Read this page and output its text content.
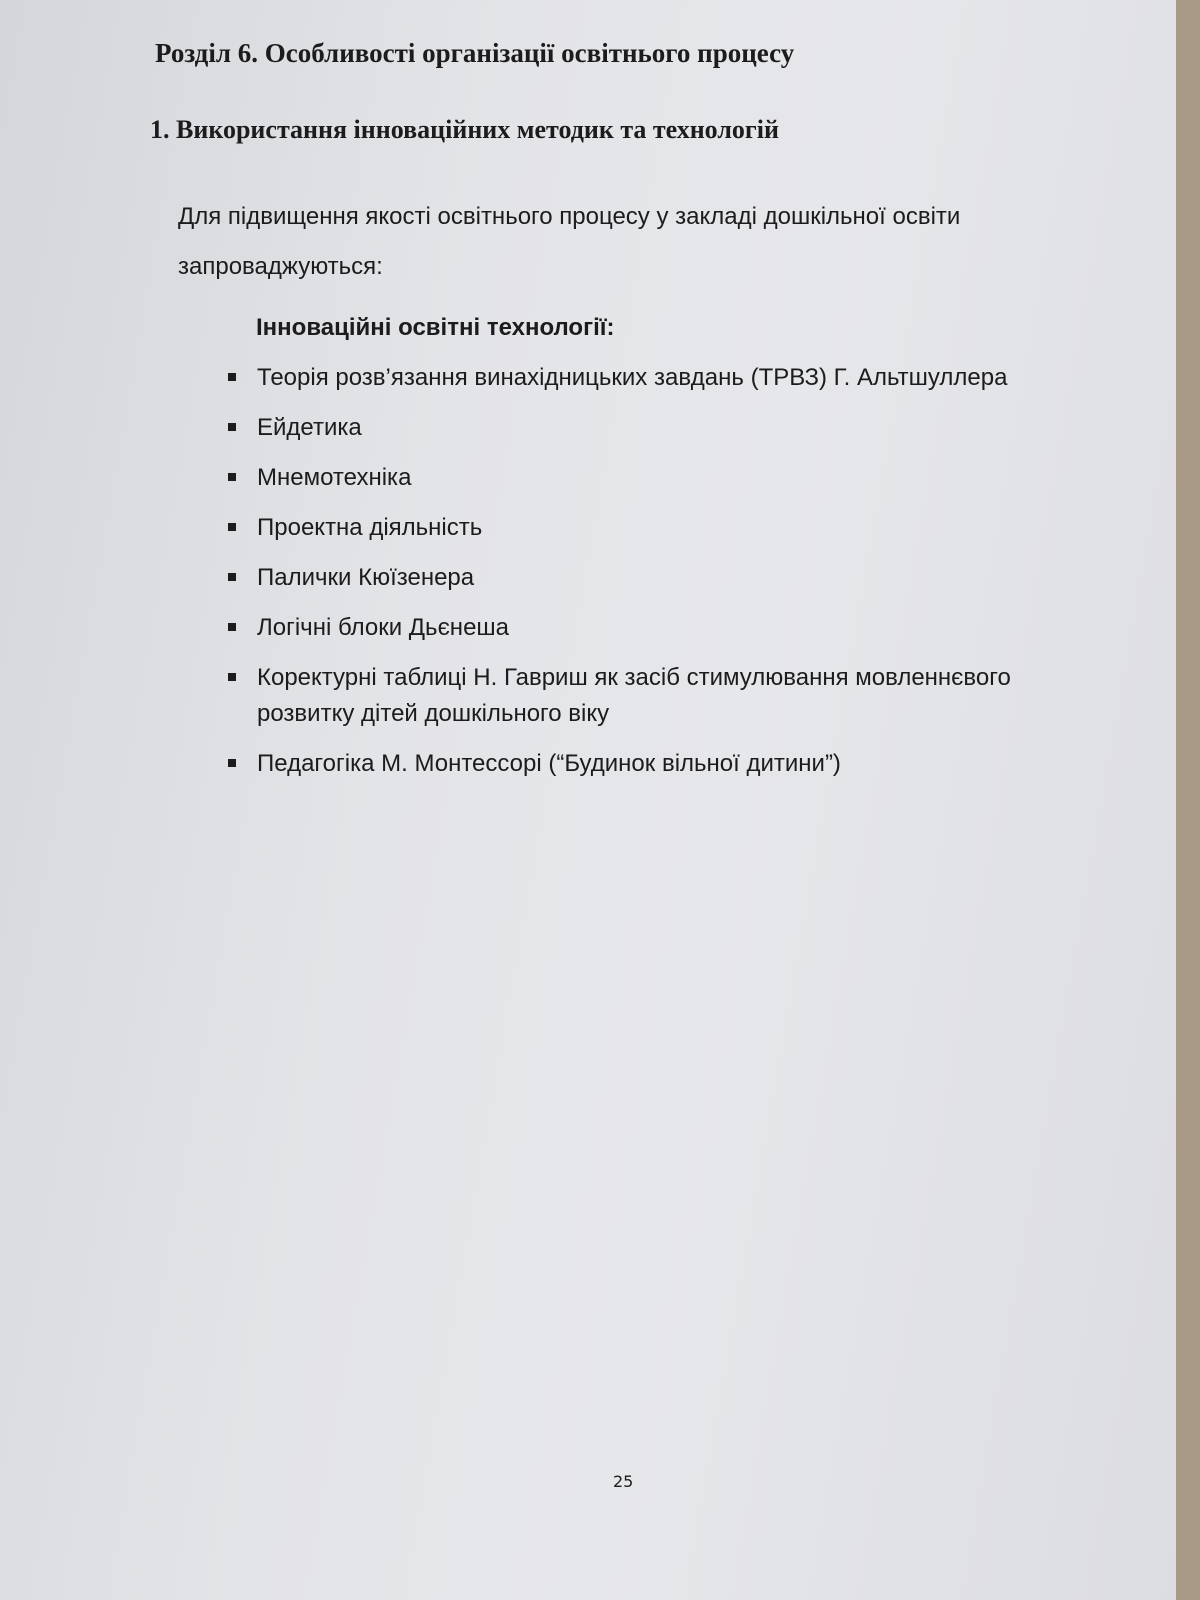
Розділ 6. Особливості організації освітнього процесу
1. Використання інноваційних методик та технологій

Для підвищення якості освітнього процесу у закладі дошкільної освіти запроваджуються:

Інноваційні освітні технології:

Теорія розв’язання винахідницьких завдань (ТРВЗ) Г. Альтшуллера
Ейдетика
Мнемотехніка
Проектна діяльність
Палички Кюїзенера
Логічні блоки Дьєнеша
Коректурні таблиці Н. Гавриш як засіб стимулювання мовленнєвого розвитку дітей дошкільного віку
Педагогіка М. Монтессорі (“Будинок вільної дитини”)
25
